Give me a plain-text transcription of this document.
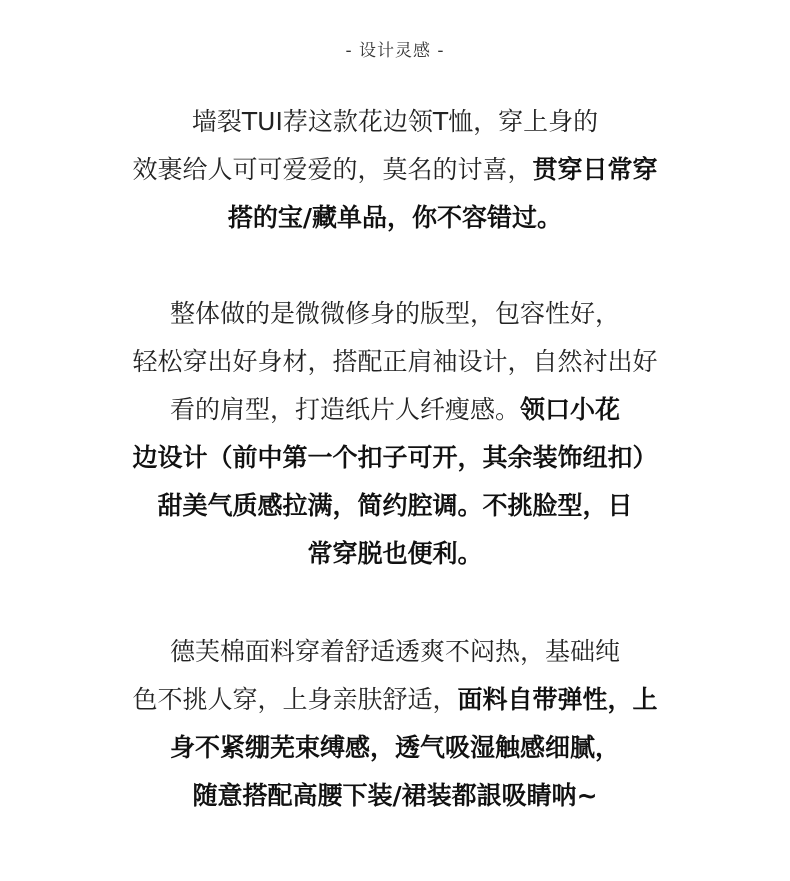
- 设计灵感 -
墙裂TUI荐这款花边领T恤，穿上身的
效裹给人可可爱爱的，莫名的讨喜，贯穿日常穿
搭的宝/藏单品，你不容错过。
整体做的是微微修身的版型，包容性好，
轻松穿出好身材，搭配正肩袖设计，自然衬出好
看的肩型，打造纸片人纤瘦感。领口小花
边设计（前中第一个扣子可开，其余装饰纽扣）
甜美气质感拉满，简约腔调。不挑脸型，日
常穿脱也便利。
德芙棉面料穿着舒适透爽不闷热，基础纯
色不挑人穿，上身亲肤舒适，面料自带弹性，上
身不紧绷芜束缚感，透气吸湿触感细腻，
随意搭配高腰下装/裙装都詪吸睛呐~
